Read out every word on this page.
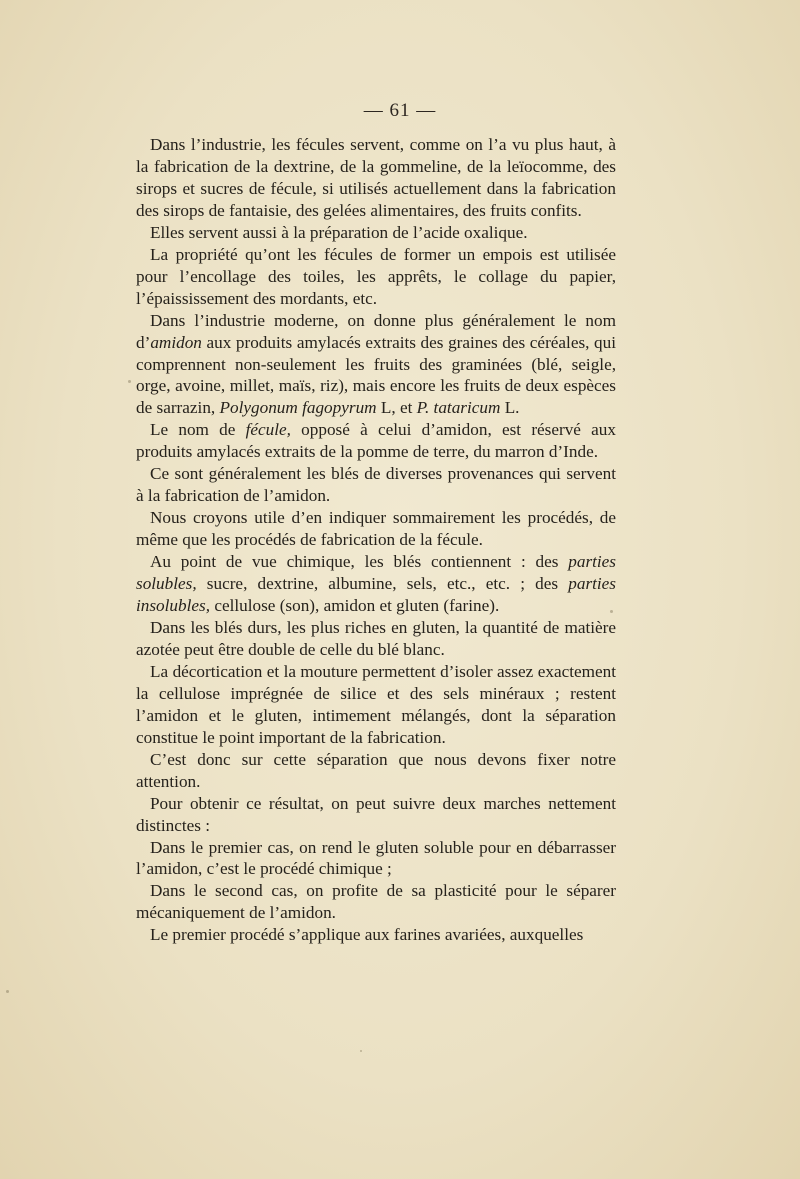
— 61 —

Dans l’industrie, les fécules servent, comme on l’a vu plus haut, à la fabrication de la dextrine, de la gommeline, de la leïocomme, des sirops et sucres de fécule, si utilisés actuellement dans la fabrication des sirops de fantaisie, des gelées alimentaires, des fruits confits.

Elles servent aussi à la préparation de l’acide oxalique.

La propriété qu’ont les fécules de former un empois est utilisée pour l’encollage des toiles, les apprêts, le collage du papier, l’épaississement des mordants, etc.

Dans l’industrie moderne, on donne plus généralement le nom d’amidon aux produits amylacés extraits des graines des céréales, qui comprennent non-seulement les fruits des graminées (blé, seigle, orge, avoine, millet, maïs, riz), mais encore les fruits de deux espèces de sarrazin, Polygonum fagopyrum L, et P. tataricum L.

Le nom de fécule, opposé à celui d’amidon, est réservé aux produits amylacés extraits de la pomme de terre, du marron d’Inde.

Ce sont généralement les blés de diverses provenances qui servent à la fabrication de l’amidon.

Nous croyons utile d’en indiquer sommairement les procédés, de même que les procédés de fabrication de la fécule.

Au point de vue chimique, les blés contiennent : des parties solubles, sucre, dextrine, albumine, sels, etc., etc. ; des parties insolubles, cellulose (son), amidon et gluten (farine).

Dans les blés durs, les plus riches en gluten, la quantité de matière azotée peut être double de celle du blé blanc.

La décortication et la mouture permettent d’isoler assez exactement la cellulose imprégnée de silice et des sels minéraux ; restent l’amidon et le gluten, intimement mélangés, dont la séparation constitue le point important de la fabrication.

C’est donc sur cette séparation que nous devons fixer notre attention.

Pour obtenir ce résultat, on peut suivre deux marches nettement distinctes :

Dans le premier cas, on rend le gluten soluble pour en débarrasser l’amidon, c’est le procédé chimique ;

Dans le second cas, on profite de sa plasticité pour le séparer mécaniquement de l’amidon.

Le premier procédé s’applique aux farines avariées, auxquelles
